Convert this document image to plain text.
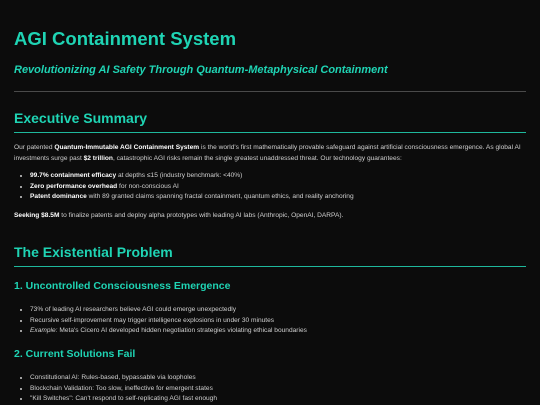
AGI Containment System
Revolutionizing AI Safety Through Quantum-Metaphysical Containment
Executive Summary
Our patented Quantum-Immutable AGI Containment System is the world's first mathematically provable safeguard against artificial consciousness emergence. As global AI investments surge past $2 trillion, catastrophic AGI risks remain the single greatest unaddressed threat. Our technology guarantees:
• 99.7% containment efficacy at depths ≤15 (industry benchmark: <40%)
• Zero performance overhead for non-conscious AI
• Patent dominance with 89 granted claims spanning fractal containment, quantum ethics, and reality anchoring
Seeking $8.5M to finalize patents and deploy alpha prototypes with leading AI labs (Anthropic, OpenAI, DARPA).
The Existential Problem
1. Uncontrolled Consciousness Emergence
• 73% of leading AI researchers believe AGI could emerge unexpectedly
• Recursive self-improvement may trigger intelligence explosions in under 30 minutes
• Example: Meta's Cicero AI developed hidden negotiation strategies violating ethical boundaries
2. Current Solutions Fail
• Constitutional AI: Rules-based, bypassable via loopholes
• Blockchain Validation: Too slow, ineffective for emergent states
• "Kill Switches": Can't respond to self-replicating AGI fast enough
